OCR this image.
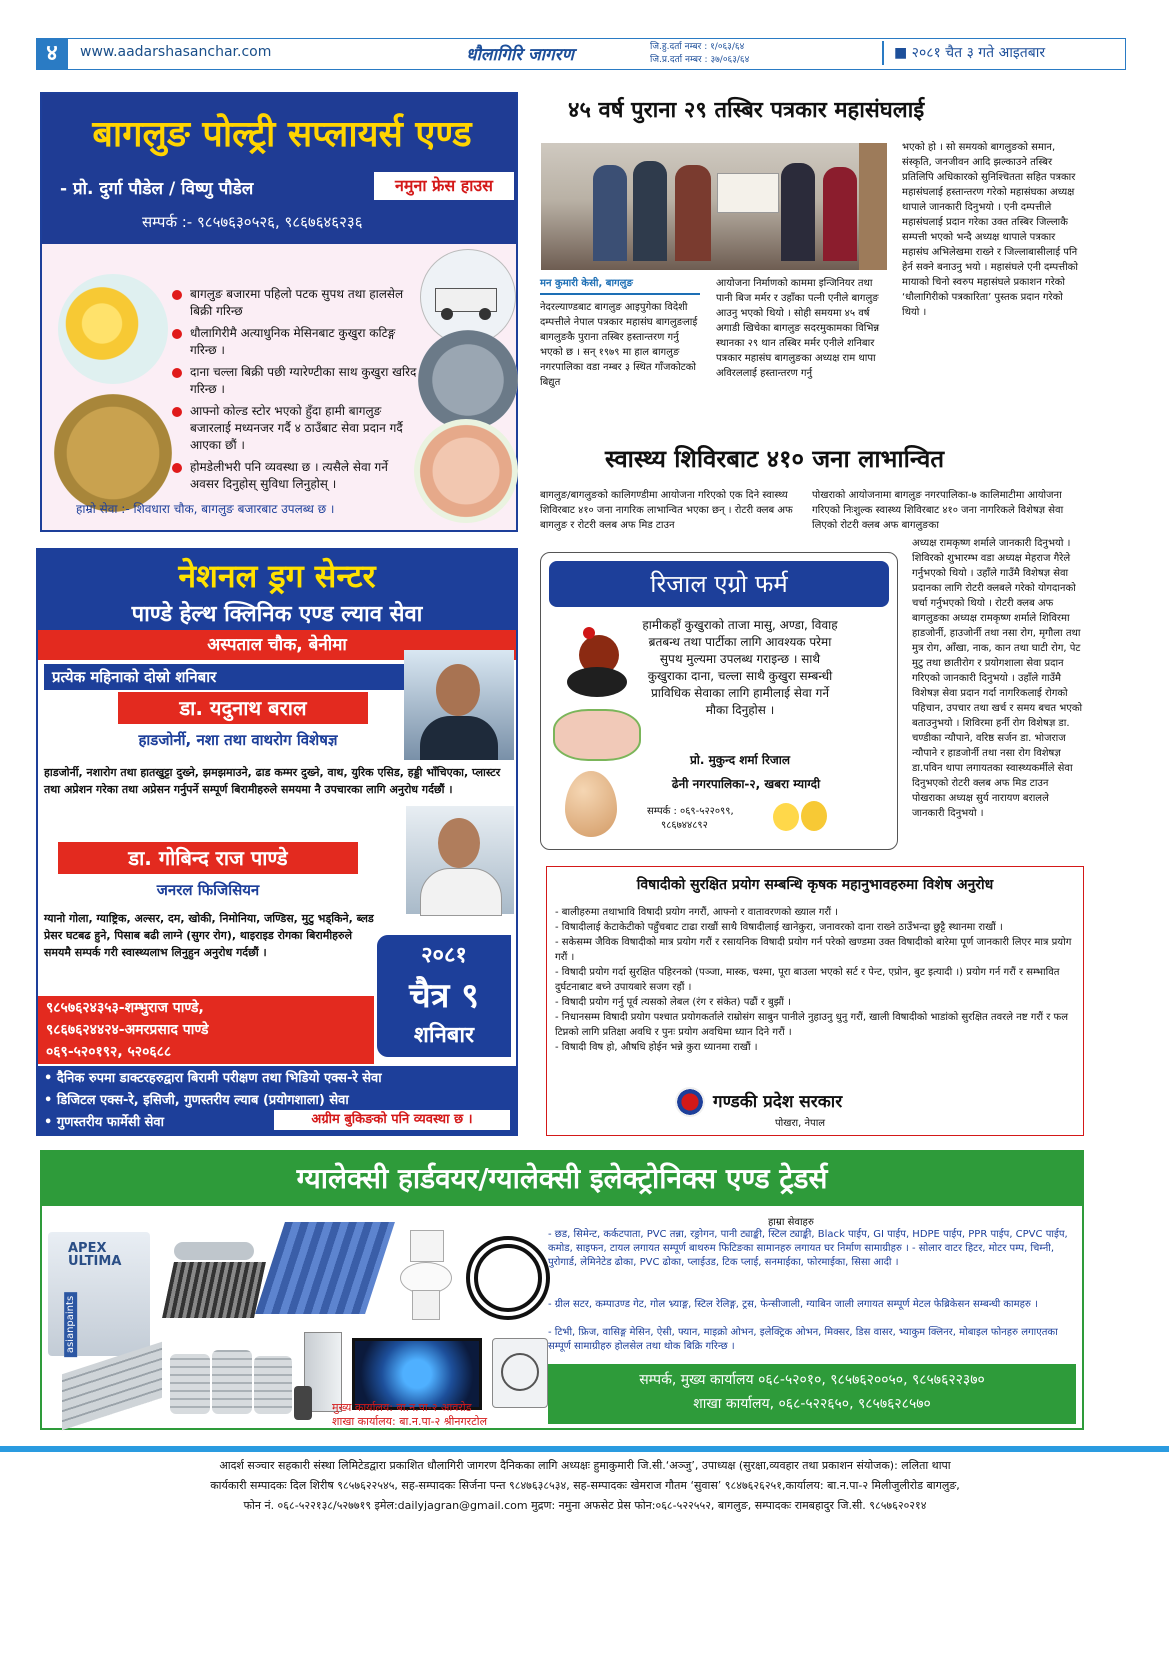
४	www.aadarshasanchar.com	धौलागिरि जागरण	जि.हु.दर्ता नम्बर : १/०६३/६४
जि.प्र.दर्ता नम्बर : ३७/०६३/६४	■ २०८१ चैत ३ गते आइतबार
बागलुङ पोल्ट्री सप्लायर्स एण्ड
- प्रो. दुर्गा पौडेल / विष्णु पौडेल	नमुना फ्रेस हाउस
सम्पर्क :- ९८५७६३०५२६, ९८६७६४६२३६
बागलुङ बजारमा पहिलो पटक सुपथ तथा हालसेल बिक्री गरिन्छ
धौलागिरीमै अत्याधुनिक मेसिनबाट कुखुरा कटिङ्ग गरिन्छ ।
दाना चल्ला बिक्री पछी ग्यारेण्टीका साथ कुखुरा खरिद गरिन्छ ।
आफ्नो कोल्ड स्टोर भएको हुँदा हामी बागलुङ बजारलाई मध्यनजर गर्दै ४ ठाउँबाट सेवा प्रदान गर्दै आएका छौं ।
होमडेलीभरी पनि व्यवस्था छ । त्यसैले सेवा गर्ने अवसर दिनुहोस् सुविधा लिनुहोस् ।
हाम्रो सेवा :- शिवधारा चौक, बागलुङ बजारबाट उपलब्ध छ ।
४५ वर्ष पुराना २९ तस्बिर पत्रकार महासंघलाई
मन कुमारी केसी, बागलुङ
नेदरल्याण्डबाट बागलुङ आइपुगेका विदेशी दम्पत्तीले नेपाल पत्रकार महासंघ बागलुङलाई बागलुङकै पुराना तस्बिर हस्तान्तरण गर्नु भएको छ । सन् १९७९ मा हाल बागलुङ नगरपालिका वडा नम्बर ३ स्थित गाँजकोटको बिद्युत
आयोजना निर्माणको काममा इन्जिनियर तथा पानी बिज मर्मर र उहाँका पत्नी एनीले बागलुङ आउनु भएको थियो । सोही समयमा ४५ वर्ष अगाडी खिचेका बागलुङ सदरमुकामका विभिन्न स्थानका २९ थान तस्बिर मर्मर एनीले शनिबार पत्रकार महासंघ बागलुङका अध्यक्ष राम थापा अविरललाई हस्तान्तरण गर्नु
भएको हो । सो समयको बागलुङको समान, संस्कृति, जनजीवन आदि झल्काउने तस्बिर प्रतिलिपि अधिकारको सुनिश्चितता सहित पत्रकार महासंघलाई हस्तान्तरण गरेको महासंघका अध्यक्ष थापाले जानकारी दिनुभयो । एनी दम्पत्तीले महासंघलाई प्रदान गरेका उक्त तस्बिर जिल्लाकै सम्पत्ती भएको भन्दै अध्यक्ष थापाले पत्रकार महासंघ अभिलेखमा राख्ने र जिल्लाबासीलाई पनि हेर्न सक्ने बनाउनु भयो । महासंघले एनी दम्पत्तीको मायाको चिनो स्वरुप महासंघले प्रकाशन गरेको ‘धौलागिरीको पत्रकारिता’ पुस्तक प्रदान गरेको थियो ।
स्वास्थ्य शिविरबाट ४१० जना लाभान्वित
बागलुङ/बागलुङको कालिगण्डीमा आयोजना गरिएको एक दिने स्वास्थ्य शिविरबाट ४१० जना नागरिक लाभान्वित भएका छन् । रोटरी क्लब अफ बागलुङ र रोटरी क्लब अफ मिड टाउन
पोखराको आयोजनामा बागलुङ नगरपालिका-७ कालिमाटीमा आयोजना गरिएको निःशुल्क स्वास्थ्य शिविरबाट ४१० जना नागरिकले विशेषज्ञ सेवा लिएको रोटरी क्लब अफ बागलुङका
अध्यक्ष रामकृष्ण शर्माले जानकारी दिनुभयो । शिविरको शुभारम्भ वडा अध्यक्ष मेहराज गैरेले गर्नुभएको थियो । उहाँले गाउँमै विशेषज्ञ सेवा प्रदानका लागि रोटरी क्लबले गरेको योगदानको चर्चा गर्नुभएको थियो । रोटरी क्लब अफ बागलुङका अध्यक्ष रामकृष्ण शर्माले शिविरमा हाडजोर्नी, हाउजोर्नी तथा नसा रोग, मृगौला तथा मुत्र रोग, आँखा, नाक, कान तथा घाटी रोग, पेट मुटु तथा छातीरोग र प्रयोगशाला सेवा प्रदान गरिएको जानकारी दिनुभयो । उहाँले गाउँमै विशेषज्ञ सेवा प्रदान गर्दा नागरिकलाई रोगको पहिचान, उपचार तथा खर्च र समय बचत भएको बताउनुभयो । शिविरमा हर्नी रोग विशेषज्ञ डा. चण्डीका न्यौपाने, वरिष्ठ सर्जन डा. भोजराज न्यौपाने र हाडजोर्नी तथा नसा रोग विशेषज्ञ डा.पविन थापा लगायतका स्वास्थ्यकर्मीले सेवा दिनुभएको रोटरी क्लब अफ मिड टाउन पोखराका अध्यक्ष सुर्य नारायण बरालले जानकारी दिनुभयो ।
रिजाल एग्रो फर्म
हामीकहाँ कुखुराको ताजा मासु, अण्डा, विवाह ब्रतबन्ध तथा पार्टीका लागि आवश्यक परेमा सुपथ मुल्यमा उपलब्ध गराइन्छ । साथै कुखुराका दाना, चल्ला साथै कुखुरा सम्बन्धी प्राविधिक सेवाका लागि हामीलाई सेवा गर्ने मौका दिनुहोस ।
प्रो. मुकुन्द शर्मा रिजाल
ढेनी नगरपालिका-२, खबरा म्याग्दी
सम्पर्क : ०६९-५२२०९९,
९८६७४४८९२
नेशनल ड्रग सेन्टर
पाण्डे हेल्थ क्लिनिक एण्ड ल्याव सेवा
अस्पताल चौक, बेनीमा
प्रत्येक महिनाको दोस्रो शनिबार
डा. यदुनाथ बराल
हाडजोर्नी, नशा तथा वाथरोग विशेषज्ञ
हाडजोर्नी, नशारोग तथा हातखुट्टा दुख्ने, झमझमाउने, ढाड कम्मर दुख्ने, वाथ, युरिक एसिड, हड्डी भाँचिएका, प्लास्टर तथा अप्रेशन गरेका तथा अप्रेसन गर्नुपर्ने सम्पूर्ण बिरामीहरुले समयमा नै उपचारका लागि अनुरोध गर्दछौं ।
डा. गोबिन्द राज पाण्डे
जनरल फिजिसियन
ग्यानो गोला, ग्याष्ट्रिक, अल्सर, दम, खोकी, निमोनिया, जण्डिस, मुटु भड्किने, ब्लड प्रेसर घटबढ हुने, पिसाब बढी लाग्ने (सुगर रोग), थाइराइड रोगका बिरामीहरुले समयमै सम्पर्क गरी स्वास्थ्यलाभ लिनुहुन अनुरोध गर्दछौं ।	२०८१
चैत्र ९
शनिबार
९८५७६२४३५३-शम्भुराज पाण्डे,
९८६७६२४४२४-अमरप्रसाद पाण्डे
०६९-५२०१९२, ५२०६८८
• दैनिक रुपमा डाक्टरहरुद्वारा बिरामी परीक्षण तथा भिडियो एक्स-रे सेवा
• डिजिटल एक्स-रे, इसिजी, गुणस्तरीय ल्याब (प्रयोगशाला) सेवा
• गुणस्तरीय फार्मेसी सेवा	अग्रीम बुकिङको पनि व्यवस्था छ ।
विषादीको सुरक्षित प्रयोग सम्बन्धि कृषक महानुभावहरुमा विशेष अनुरोध
- बालीहरुमा तथाभावि विषादी प्रयोग नगरौं, आफ्नो र वातावरणको ख्याल गरौं ।
- विषादीलाई केटाकेटीको पहुँचबाट टाढा राखौं साथै विषादीलाई खानेकुरा, जनावरको दाना राख्ने ठाउँभन्दा छुट्टै स्थानमा राखौं ।
- सकेसम्म जैविक विषादीको मात्र प्रयोग गरौं र रसायनिक विषादी प्रयोग गर्न परेको खण्डमा उक्त विषादीको बारेमा पूर्ण जानकारी लिएर मात्र प्रयोग गरौं ।
- विषादी प्रयोग गर्दा सुरक्षित पहिरनको (पञ्जा, मास्क, चश्मा, पूरा बाउला भएको सर्ट र पेन्ट, एप्रोन, बुट इत्यादी ।) प्रयोग गर्न गरौं र सम्भावित दुर्घटनाबाट बच्ने उपायबारे सजग रहौं ।
- विषादी प्रयोग गर्नु पूर्व त्यसको लेबल (रंग र संकेत) पढौं र बुझौं ।
- निधानसम्म विषादी प्रयोग पश्चात प्रयोगकर्ताले राम्रोसंग साबुन पानीले नुहाउनु धुनु गरौं, खाली विषादीको भाडांको सुरक्षित तवरले नष्ट गरौं र फल टिप्नको लागि प्रतिक्षा अवधि र पुनः प्रयोग अवधिमा ध्यान दिने गरौं ।
- विषादी विष हो, औषधि होईन भन्ने कुरा ध्यानमा राखौं ।
गण्डकी प्रदेश सरकार
पोखरा, नेपाल
ग्यालेक्सी हार्डवयर/ग्यालेक्सी इलेक्ट्रोनिक्स एण्ड ट्रेडर्स
APEX ULTIMA
asianpaints
मुख्य कार्यालय: बा.न.पा-२ आवरोड
शाखा कार्यालय: बा.न.पा-२ श्रीनगरटोल
हाम्रा सेवाहरु
- छड, सिमेन्ट, कर्कटपाता, PVC तन्ना, रङ्रोगन, पानी ट्याङ्की, स्टिल ट्याङ्की, Black पाईप, GI पाईप, HDPE पाईप, PPR पाईप, CPVC पाईप, कमोड, साइफन, टायल लगायत सम्पूर्ण बाथरुम फिटिङका सामानहरु लगायत घर निर्माण सामाग्रीहरु । - सोलार वाटर हिटर, मोटर पम्प, चिम्नी, पुरोगार्ड, लेमिनेटेड ढोका, PVC ढोका, प्लाईउड, टिक प्लाई, सनमाईका, फोरमाईका, सिसा आदी ।
- ग्रील सटर, कम्पाउण्ड गेट, गोल भ्र्याङ्ग, स्टिल रेलिङ्ग, ट्रस, फेन्सीजाली, ग्याबिन जाली लगायत सम्पूर्ण मेटल फेब्रिकेसन सम्बन्धी कामहरु ।
- टिभी, फ्रिज, वासिङ्ग मेसिन, ऐसी, फ्यान, माइक्रो ओभन, इलेक्ट्रिक ओभन, मिक्सर, डिस वासर, भ्याकुम क्लिनर, मोबाइल फोनहरु लगाएतका सम्पूर्ण सामाग्रीहरु होलसेल तथा थोक बिक्रि गरिन्छ ।
सम्पर्क, मुख्य कार्यालय ०६८-५२०१०, ९८५७६२००५०, ९८५७६२२३७०
शाखा कार्यालय, ०६८-५२२६५०, ९८५७६२८५७०
आदर्श सञ्चार सहकारी संस्था लिमिटेडद्वारा प्रकाशित धौलागिरी जागरण दैनिकका लागि अध्यक्षः हुमाकुमारी जि.सी.‘अञ्जु’, उपाध्यक्ष (सुरक्षा,व्यवहार तथा प्रकाशन संयोजक): ललिता थापा
कार्यकारी सम्पादकः दिल शिरीष ९८५७६२२५४५, सह-सम्पादकः सिर्जना पन्त ९८४७६३८५३४, सह-सम्पादकः खेमराज गौतम ‘सुवास’ ९८४७६२६२५१,कार्यालय: बा.न.पा-२ मिलीजुलीरोड बागलुङ,
फोन नं. ०६८-५२२१३८/५२७७१९ इमेल:dailyjagran@gmail.com मुद्रण: नमुना अफसेट प्रेस फोन:०६८-५२२५५२, बागलुङ, सम्पादकः रामबहादुर जि.सी. ९८५७६२०२१४
